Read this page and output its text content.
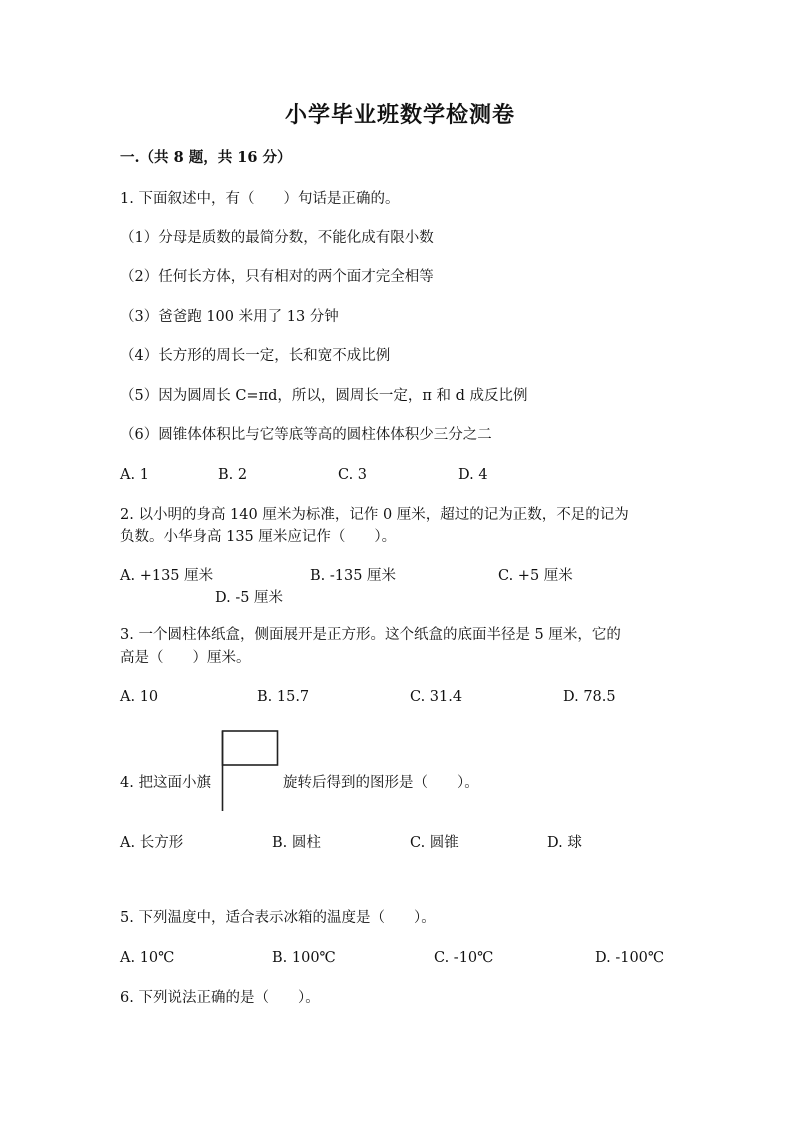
小学毕业班数学检测卷
一.（共 8 题，共 16 分）
1. 下面叙述中，有（　　）句话是正确的。
（1）分母是质数的最简分数，不能化成有限小数
（2）任何长方体，只有相对的两个面才完全相等
（3）爸爸跑 100 米用了 13 分钟
（4）长方形的周长一定，长和宽不成比例
（5）因为圆周长 C=πd，所以，圆周长一定，π 和 d 成反比例
（6）圆锥体体积比与它等底等高的圆柱体体积少三分之二
A. 1	B. 2	C. 3	D. 4
2. 以小明的身高 140 厘米为标准，记作 0 厘米，超过的记为正数，不足的记为
负数。小华身高 135 厘米应记作（　　）。
A. +135 厘米	B. -135 厘米	C. +5 厘米
D. -5 厘米
3. 一个圆柱体纸盒，侧面展开是正方形。这个纸盒的底面半径是 5 厘米，它的
高是（　　）厘米。
A. 10	B. 15.7	C. 31.4	D. 78.5
4. 把这面小旗	旋转后得到的图形是（　　）。
A. 长方形	B. 圆柱	C. 圆锥	D. 球
5. 下列温度中，适合表示冰箱的温度是（　　）。
A. 10℃	B. 100℃	C. -10℃	D. -100℃
6. 下列说法正确的是（　　）。
